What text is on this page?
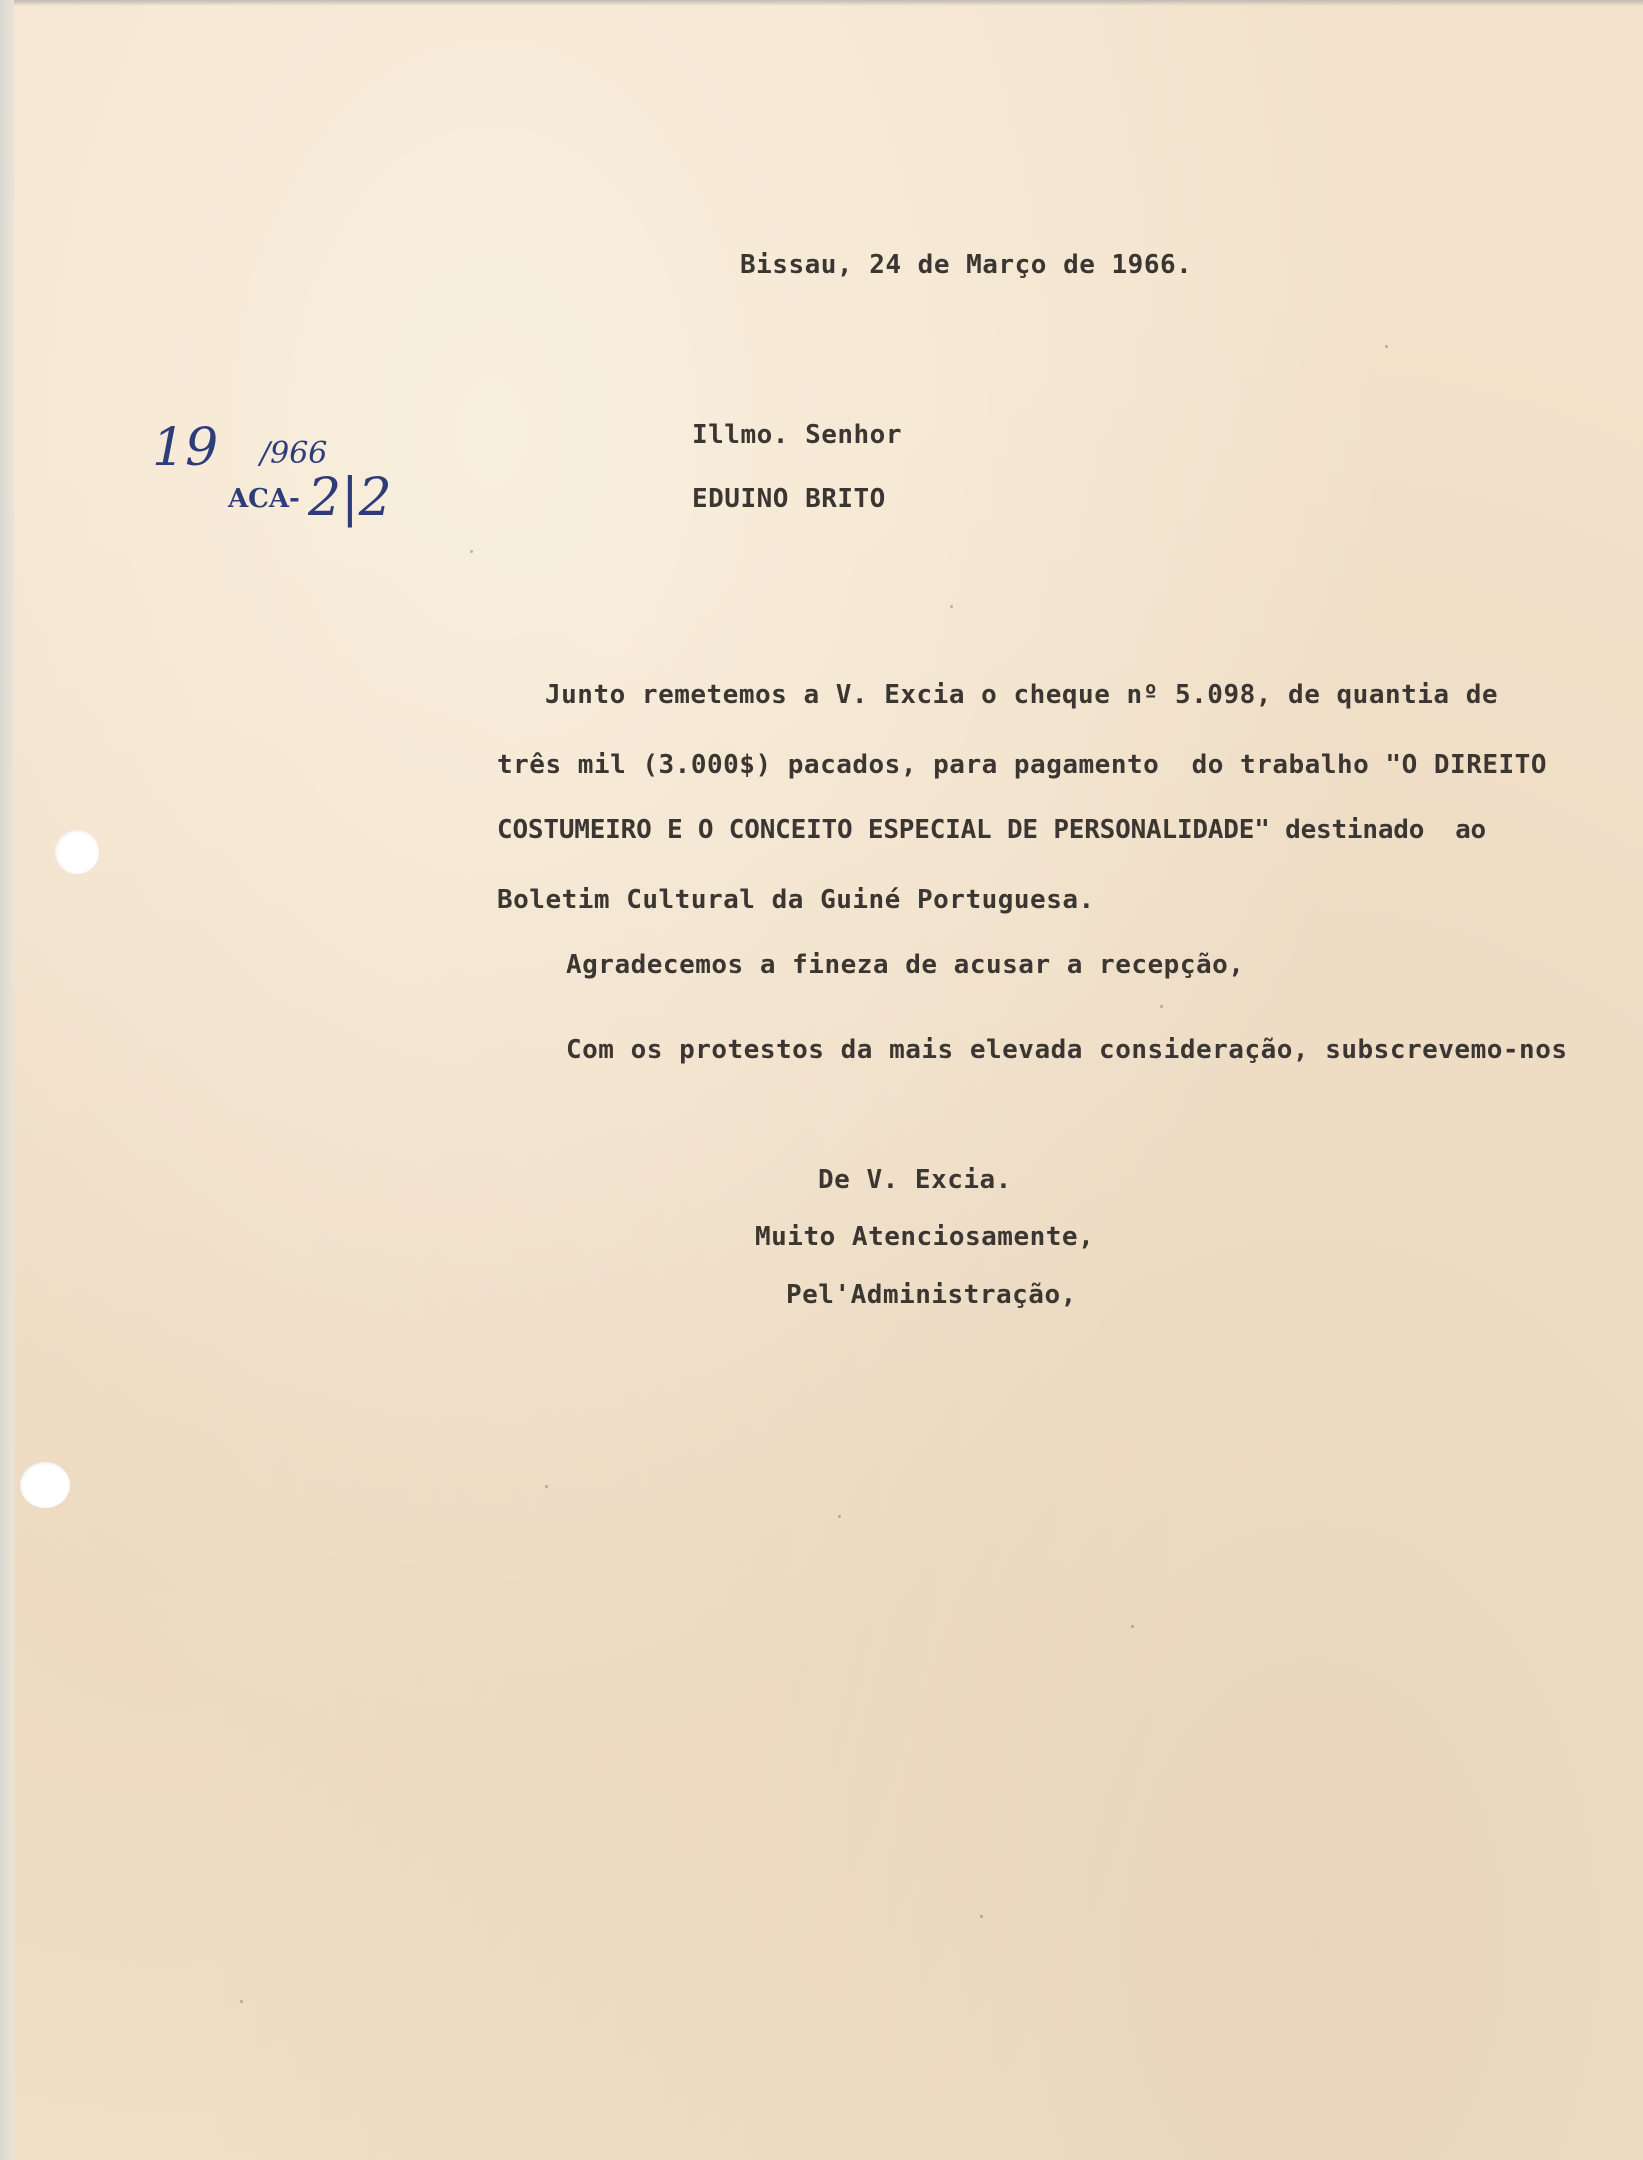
19 /966
ACA- 2|2
Bissau, 24 de Março de 1966.
Illmo. Senhor
EDUINO BRITO
Junto remetemos a V. Excia o cheque nº 5.098, de quantia de
três mil (3.000$) pacados, para pagamento  do trabalho "O DIREITO
COSTUMEIRO E O CONCEITO ESPECIAL DE PERSONALIDADE" destinado  ao
Boletim Cultural da Guiné Portuguesa.
Agradecemos a fineza de acusar a recepção,
Com os protestos da mais elevada consideração, subscrevemo-nos
De V. Excia.
Muito Atenciosamente,
Pel'Administração,
